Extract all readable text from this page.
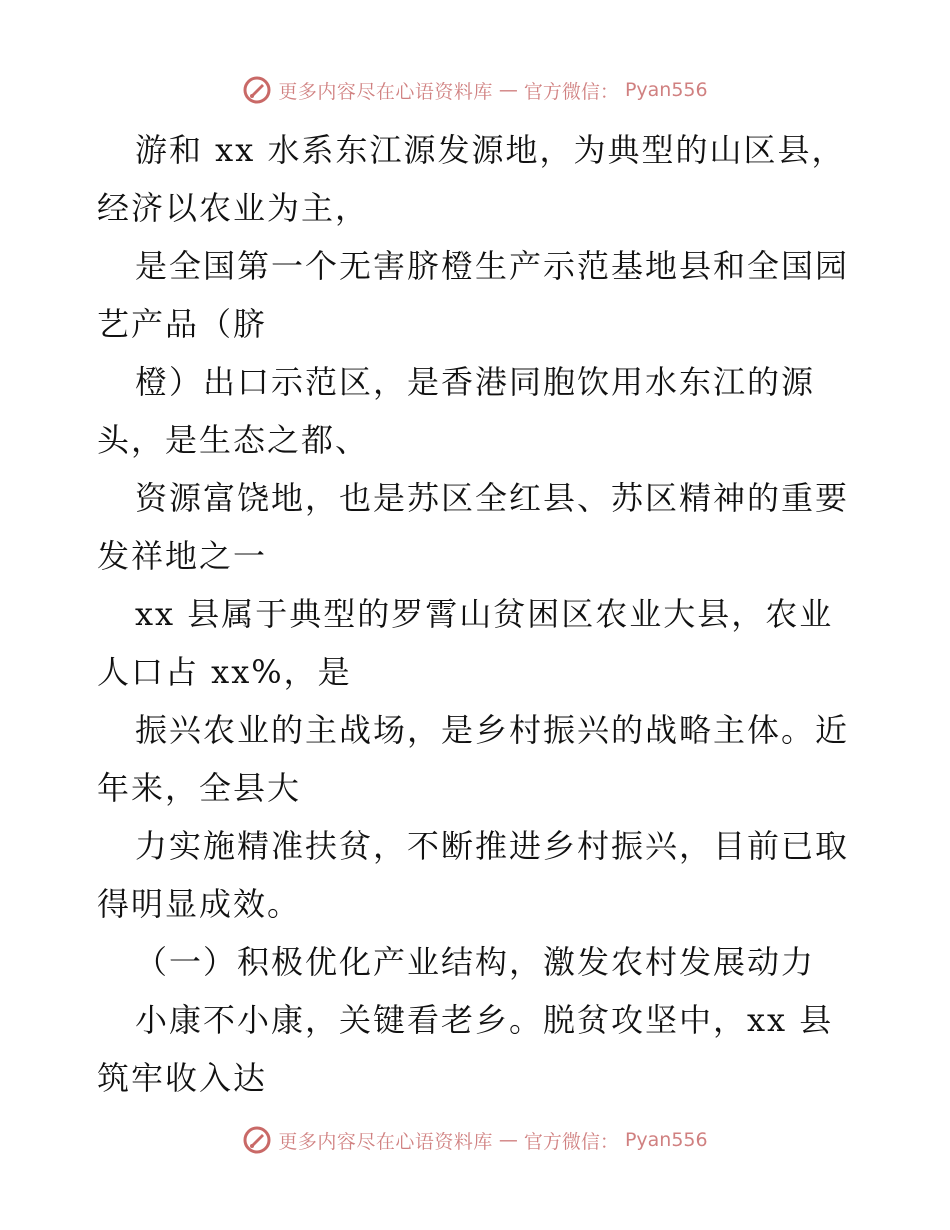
更多内容尽在心语资料库 — 官方微信： Pyan556
游和 xx 水系东江源发源地，为典型的山区县，
经济以农业为主，
是全国第一个无害脐橙生产示范基地县和全国园
艺产品（脐
橙）出口示范区，是香港同胞饮用水东江的源
头，是生态之都、
资源富饶地，也是苏区全红县、苏区精神的重要
发祥地之一
xx 县属于典型的罗霄山贫困区农业大县，农业
人口占 xx%，是
振兴农业的主战场，是乡村振兴的战略主体。近
年来，全县大
力实施精准扶贫，不断推进乡村振兴，目前已取
得明显成效。
（一）积极优化产业结构，激发农村发展动力
小康不小康，关键看老乡。脱贫攻坚中，xx 县
筑牢收入达
更多内容尽在心语资料库 — 官方微信： Pyan556
